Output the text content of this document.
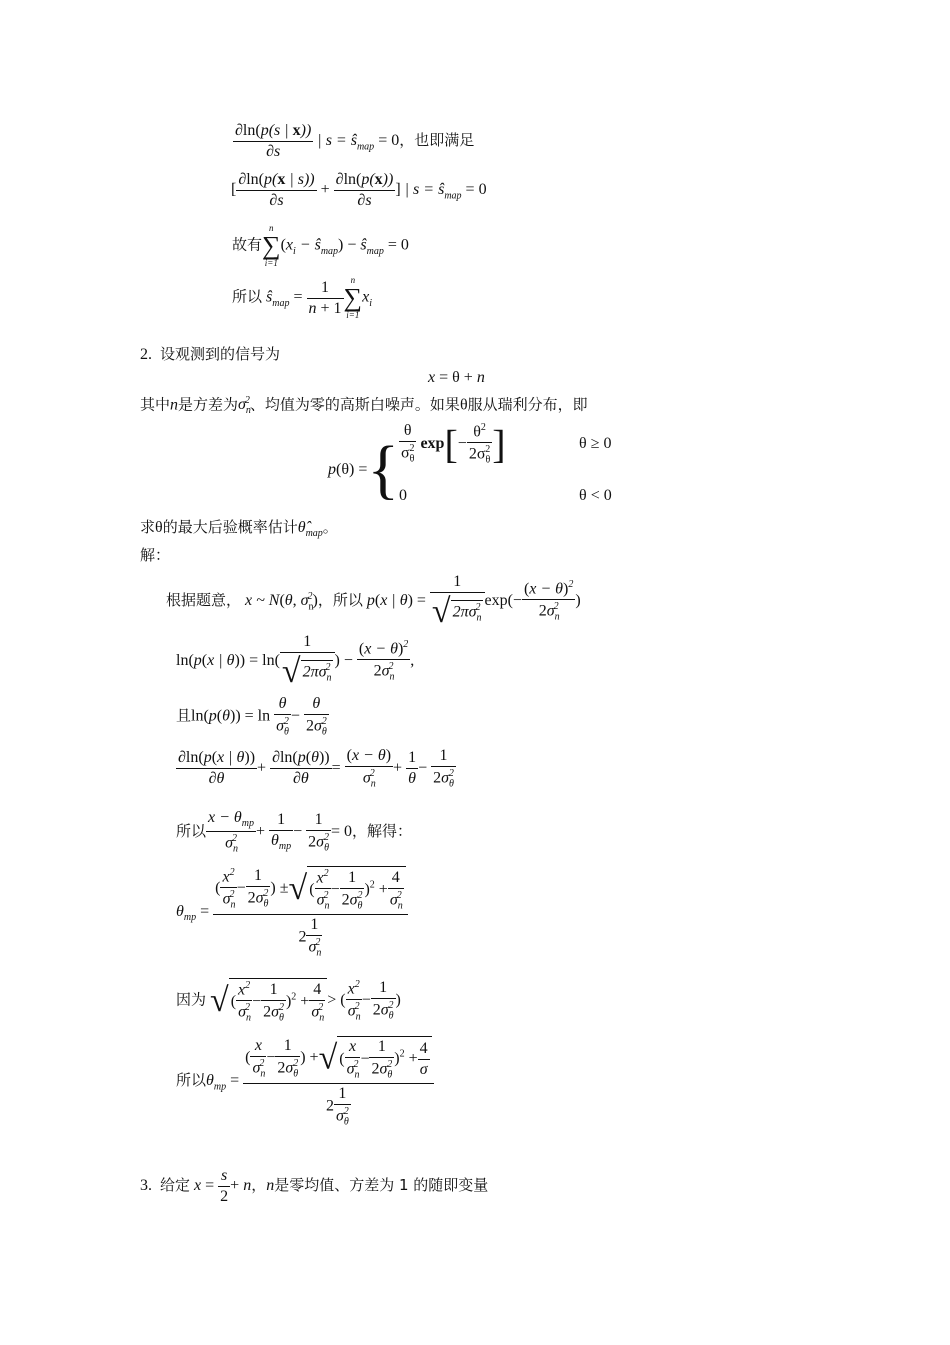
$\frac{\partial\ln(p(s | x))}{\partial s}$ | $s = ŝ_{map} = 0$，也即满足
[ $\frac{\partial\ln(p(x | s))}{\partial s} + \frac{\partial\ln(p(x))}{\partial s}$ ] | $s = ŝ_{map} = 0$
故有
n
∑
i=1
($x_i$ − $ŝ_{map}$) − $ŝ_{map} = 0$
所以 $ŝ_{map} = \frac{1}{n + 1}$ n
∑
i=1
$x_i$
2. 设观测到的信号为
x = θ + n
其中n是方差为$\sigma_n^2$、均值为零的高斯白噪声。如果θ服从瑞利分布，即
p(θ) ={ $\frac{\theta}{\sigma_\theta^2} \exp[- \frac{\theta^2}{2\sigma_\theta^2}$ ]	θ ≥ 0
0	θ < 0
求θ的最大后验概率估计$\thetâ_{map}$。
解：
根据题意， x ~ N(θ, $\sigma_n^2$)，所以 p(x | $\theta) = \frac{1}{√ 2\pi\sigma_n^2} \exp(- \frac{(x - \theta)^2}{2\sigma_n^2}$ )
ln(p(x | $\theta)) = \ln( \frac{1}{√ 2\pi\sigma_n^2}$ ) − $\frac{(x - \theta)^2}{2\sigma_n^2}$ ,
且$\ln(p(\theta)) = \ln \frac{\theta}{\sigma_\theta^2} - \frac{\theta}{2\sigma_\theta^2}$
$\frac{\partial\ln(p(x | \theta))}{\partial\theta} + \frac{\partial\ln(p(\theta))}{\partial\theta} = \frac{(x - \theta)}{\sigma_n^2} + \frac{1}{\theta} - \frac{1}{2\sigma_\theta^2}$
所以 $\frac{x - \theta_{mp}}{\sigma_n^2} + \frac{1}{\theta_{mp}} - \frac{1}{2\sigma_\theta^2} = 0$，解得：
$\theta_{mp} = \frac{( \frac{x^2}{\sigma_n^2} - \frac{1}{2\sigma_\theta^2} ) \pm√ ( \frac{x^2}{\sigma_n^2} - \frac{1}{2\sigma_\theta^2} )^2 + \frac{4}{\sigma_n^2}}{2 \frac{1}{\sigma_n^2}}$
因为 √ ( $\frac{x^2}{\sigma_n^2} - \frac{1}{2\sigma_\theta^2} )^2 + \frac{4}{\sigma_n^2}$ > ( $\frac{x^2}{\sigma_n^2} - \frac{1}{2\sigma_\theta^2}$ )
所以$\theta_{mp} = \frac{( \frac{x}{\sigma_n^2} - \frac{1}{2\sigma_\theta^2} ) +√ ( \frac{x}{\sigma_n^2} - \frac{1}{2\sigma_\theta^2} )^2 + \frac{4}{\sigma}}{2 \frac{1}{\sigma_\theta^2}}$
3. 给定 $x = \frac{s}{2} + n$，n是零均值、方差为 1 的随即变量
